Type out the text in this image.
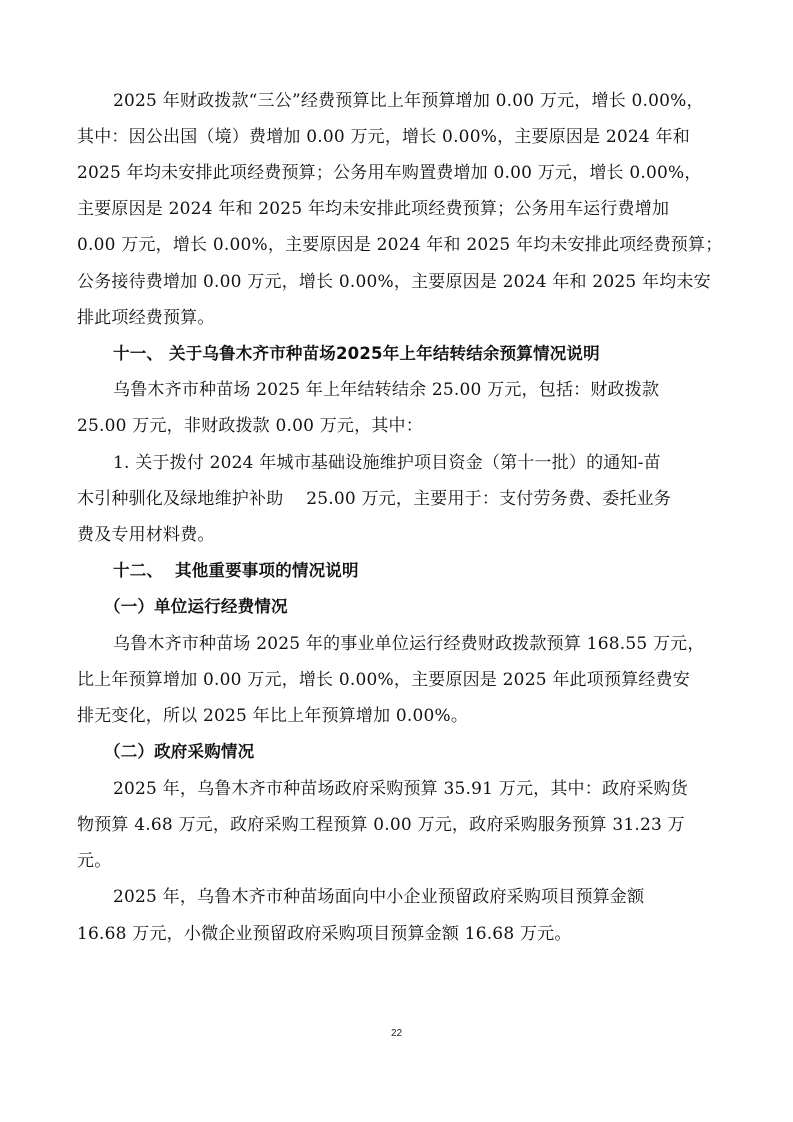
2025 年财政拨款“三公”经费预算比上年预算增加 0.00 万元，增长 0.00%，
其中：因公出国（境）费增加 0.00 万元，增长 0.00%，主要原因是 2024 年和
2025 年均未安排此项经费预算；公务用车购置费增加 0.00 万元，增长 0.00%，
主要原因是 2024 年和 2025 年均未安排此项经费预算；公务用车运行费增加
0.00 万元，增长 0.00%，主要原因是 2024 年和 2025 年均未安排此项经费预算；
公务接待费增加 0.00 万元，增长 0.00%，主要原因是 2024 年和 2025 年均未安
排此项经费预算。
十一、 关于乌鲁木齐市种苗场2025年上年结转结余预算情况说明
乌鲁木齐市种苗场 2025 年上年结转结余 25.00 万元，包括：财政拨款
25.00 万元，非财政拨款 0.00 万元，其中：
1. 关于拨付 2024 年城市基础设施维护项目资金（第十一批）的通知-苗
木引种驯化及绿地维护补助　 25.00 万元，主要用于：支付劳务费、委托业务
费及专用材料费。
十二、 其他重要事项的情况说明
（一）单位运行经费情况
乌鲁木齐市种苗场 2025 年的事业单位运行经费财政拨款预算 168.55 万元，
比上年预算增加 0.00 万元，增长 0.00%，主要原因是 2025 年此项预算经费安
排无变化，所以 2025 年比上年预算增加 0.00%。
（二）政府采购情况
2025 年，乌鲁木齐市种苗场政府采购预算 35.91 万元，其中：政府采购货
物预算 4.68 万元，政府采购工程预算 0.00 万元，政府采购服务预算 31.23 万
元。
2025 年，乌鲁木齐市种苗场面向中小企业预留政府采购项目预算金额
16.68 万元，小微企业预留政府采购项目预算金额 16.68 万元。
22
